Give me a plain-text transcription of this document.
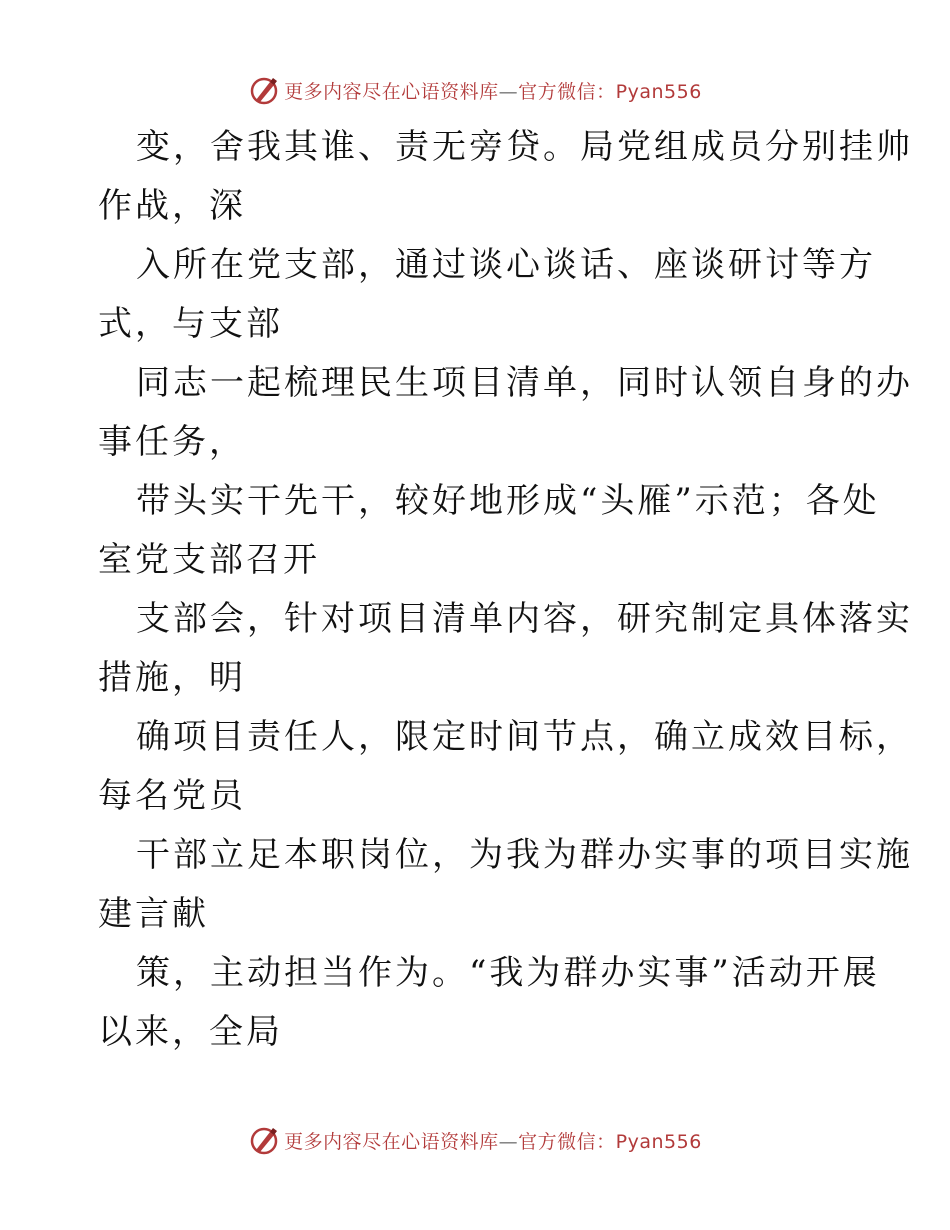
更多内容尽在心语资料库—官方微信：Pyan556
变，舍我其谁、责无旁贷。局党组成员分别挂帅
作战，深
入所在党支部，通过谈心谈话、座谈研讨等方
式，与支部
同志一起梳理民生项目清单，同时认领自身的办
事任务，
带头实干先干，较好地形成“头雁”示范；各处
室党支部召开
支部会，针对项目清单内容，研究制定具体落实
措施，明
确项目责任人，限定时间节点，确立成效目标，
每名党员
干部立足本职岗位，为我为群办实事的项目实施
建言献
策，主动担当作为。“我为群办实事”活动开展
以来，全局
更多内容尽在心语资料库—官方微信：Pyan556
